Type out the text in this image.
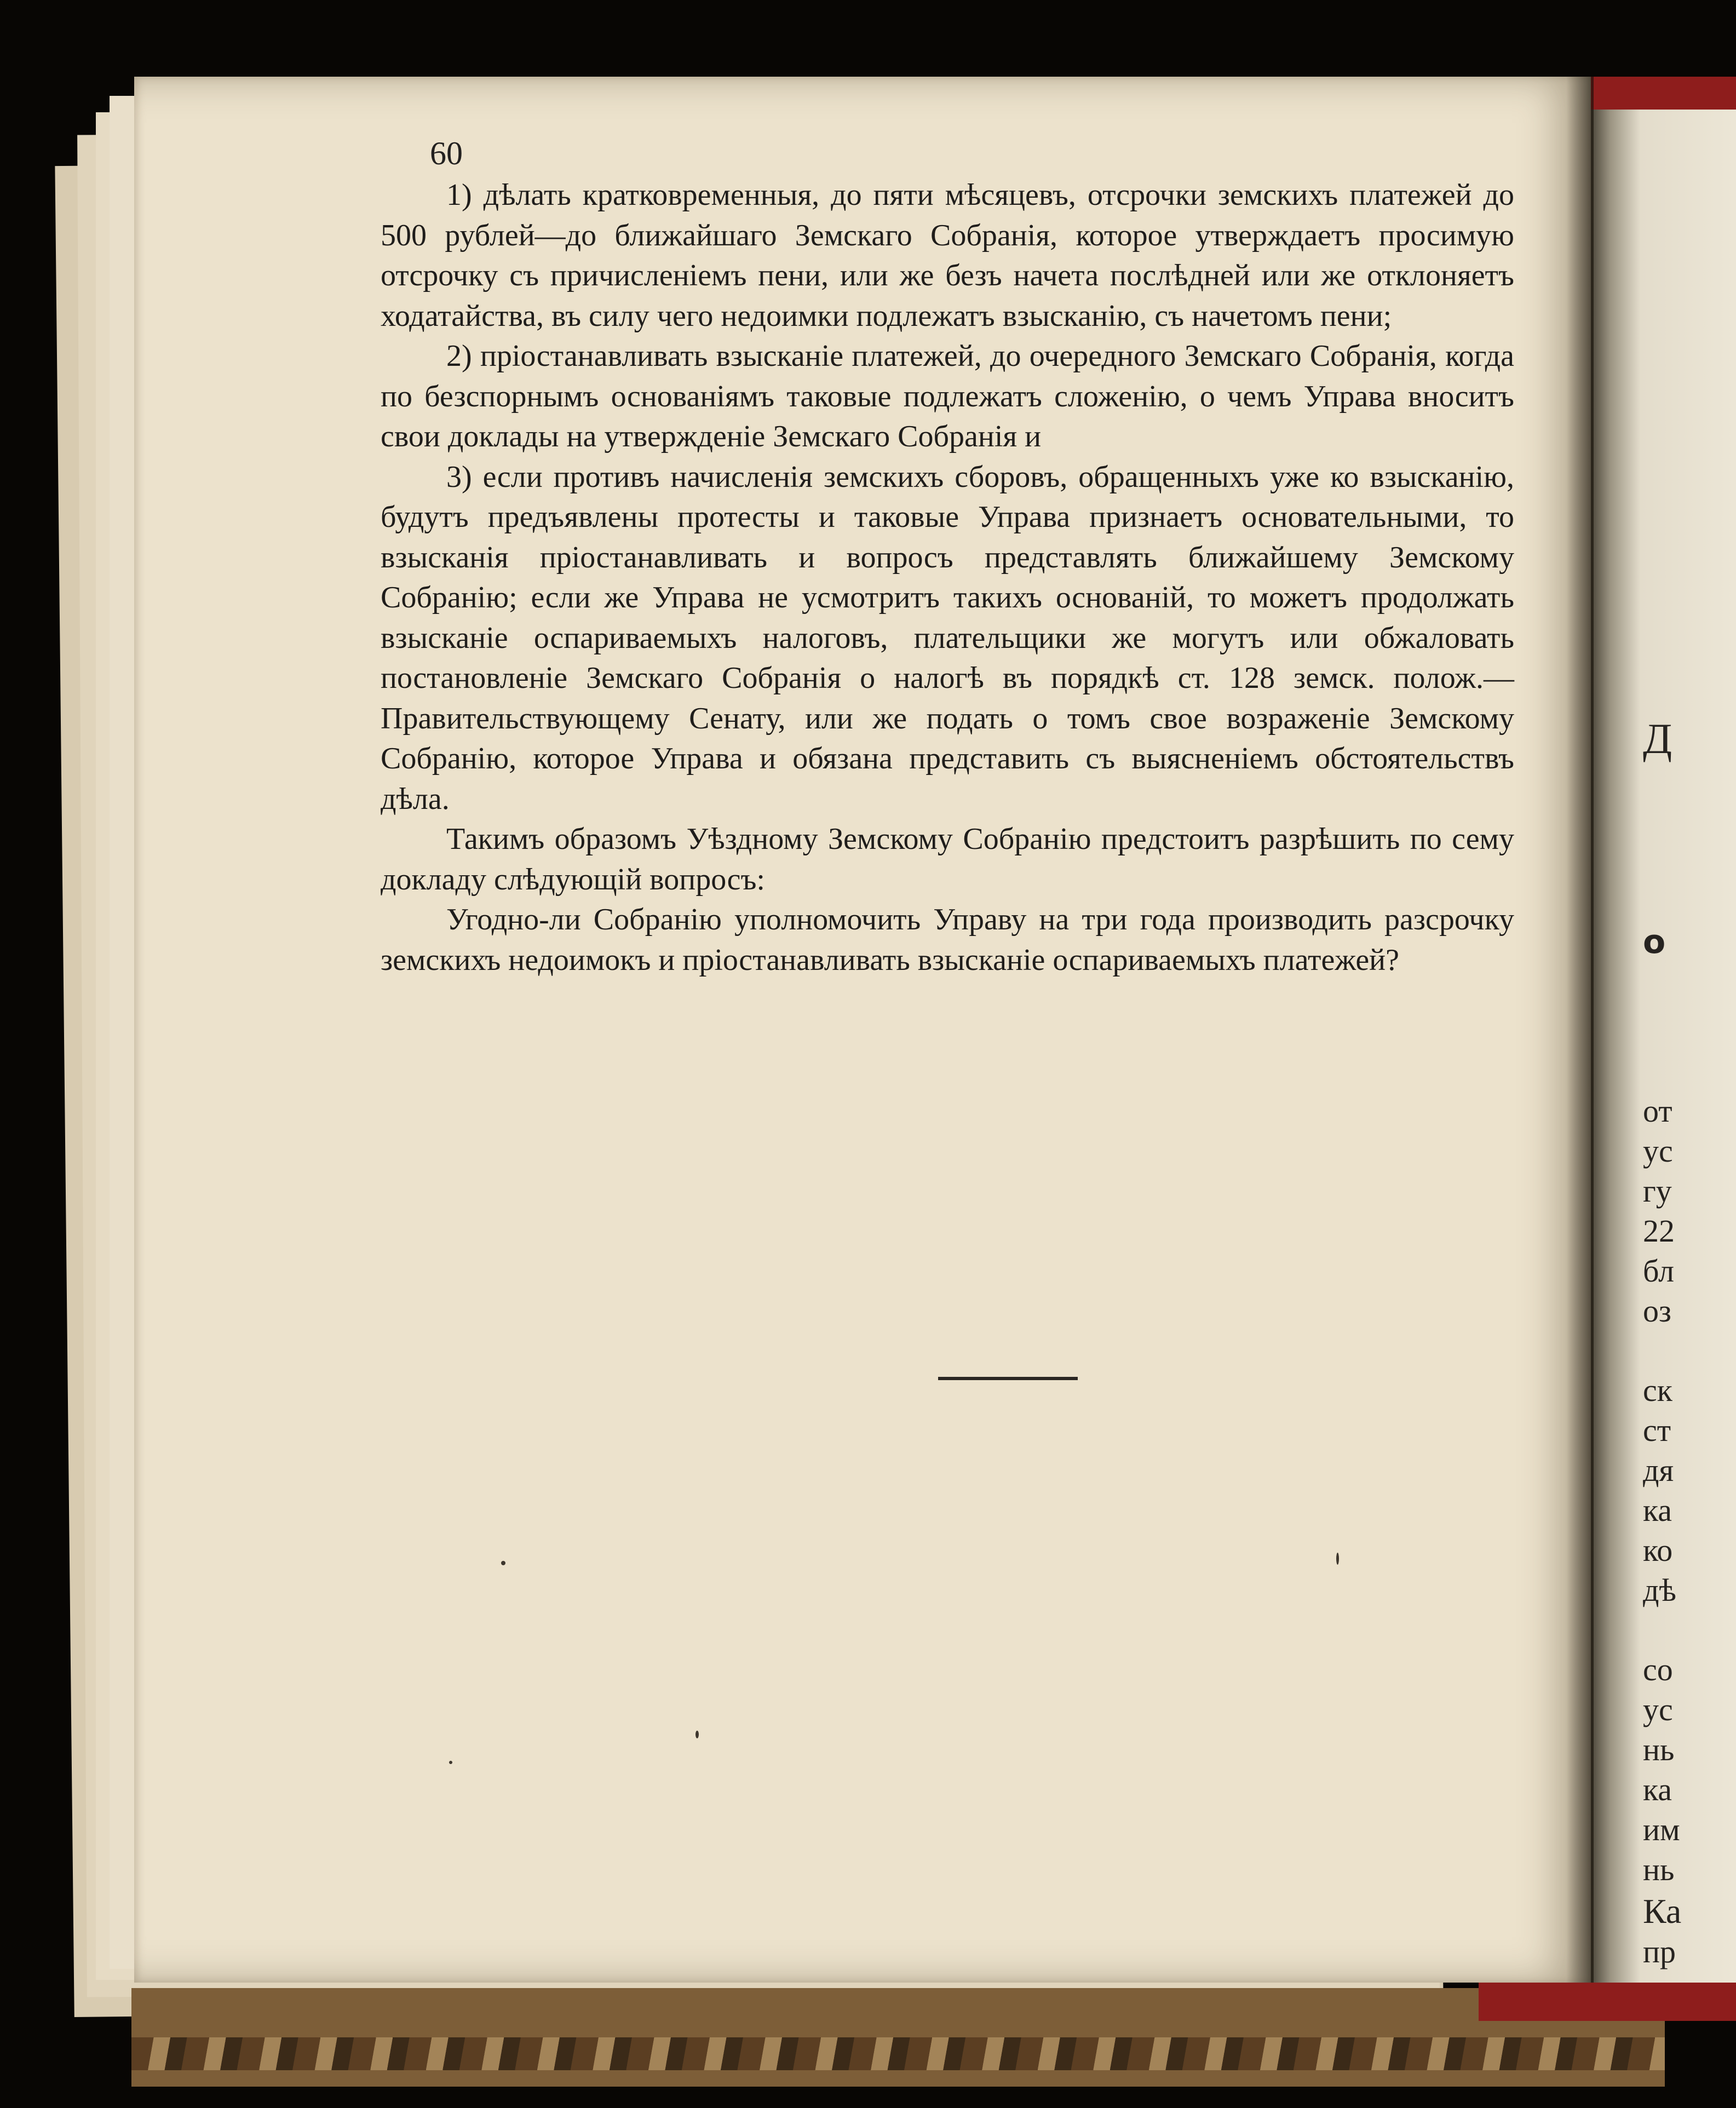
Д
о
от
ус
гу
22
бл
оз
ск
ст
дя
ка
ко
дѣ
со
ус
нь
ка
им
нь
Ка
пр
60

1) дѣлать кратковременныя, до пяти мѣсяцевъ, отсрочки земскихъ платежей до 500 рублей—до ближайшаго Земскаго Собранія, которое утверждаетъ просимую отсрочку съ причисленіемъ пени, или же безъ начета послѣдней или же отклоняетъ ходатайства, въ силу чего недоимки подлежатъ взысканію, съ начетомъ пени;

2) пріостанавливать взысканіе платежей, до очередного Земскаго Собранія, когда по безспорнымъ основаніямъ таковые подлежатъ сложенію, о чемъ Управа вноситъ свои доклады на утвержденіе Земскаго Собранія и

3) если противъ начисленія земскихъ сборовъ, обращенныхъ уже ко взысканію, будутъ предъявлены протесты и таковые Управа признаетъ основательными, то взысканія пріостанавливать и вопросъ представлять ближайшему Земскому Собранію; если же Управа не усмотритъ такихъ основаній, то можетъ продолжать взысканіе оспариваемыхъ налоговъ, плательщики же могутъ или обжаловать постановленіе Земскаго Собранія о налогѣ въ порядкѣ ст. 128 земск. полож.—Правительствующему Сенату, или же подать о томъ свое возраженіе Земскому Собранію, которое Управа и обязана представить съ выясненіемъ обстоятельствъ дѣла.

Такимъ образомъ Уѣздному Земскому Собранію предстоитъ разрѣшить по сему докладу слѣдующій вопросъ:

Угодно-ли Собранію уполномочить Управу на три года производить разсрочку земскихъ недоимокъ и пріостанавливать взысканіе оспариваемыхъ платежей?
